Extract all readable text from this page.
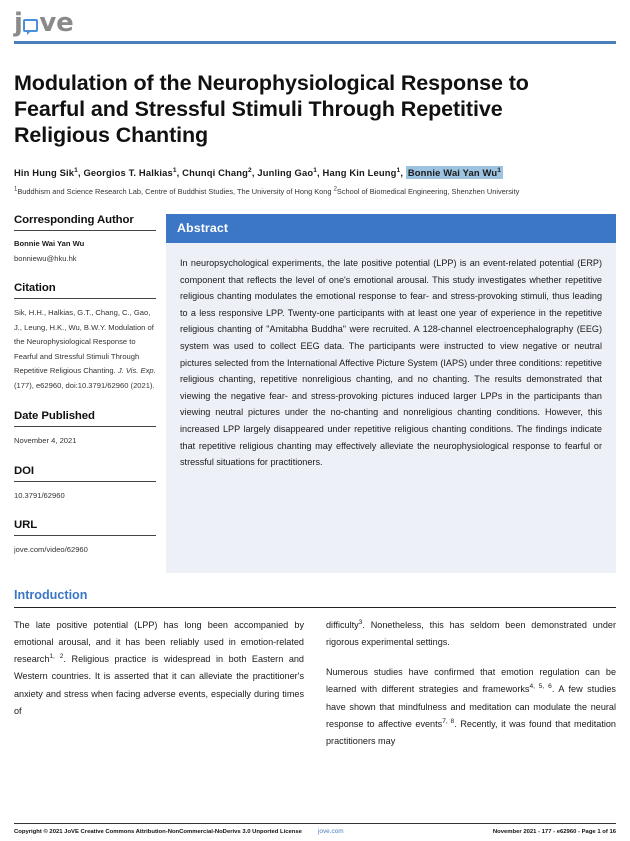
j ve
Modulation of the Neurophysiological Response to Fearful and Stressful Stimuli Through Repetitive Religious Chanting
Hin Hung Sik$^1$, Georgios T. Halkias$^1$, Chunqi Chang$^2$, Junling Gao$^1$, Hang Kin Leung$^1$, Bonnie Wai Yan Wu$^1$
$^1$Buddhism and Science Research Lab, Centre of Buddhist Studies, The University of Hong Kong $^2$School of Biomedical Engineering, Shenzhen University
Corresponding Author
Bonnie Wai Yan Wu
bonniewu@hku.hk
Citation
Sik, H.H., Halkias, G.T., Chang, C., Gao, J., Leung, H.K., Wu, B.W.Y. Modulation of the Neurophysiological Response to Fearful and Stressful Stimuli Through Repetitive Religious Chanting. J. Vis. Exp. (177), e62960, doi:10.3791/62960 (2021).
Date Published
November 4, 2021
DOI
10.3791/62960
URL
jove.com/video/62960
Abstract
In neuropsychological experiments, the late positive potential (LPP) is an event-related potential (ERP) component that reflects the level of one's emotional arousal. This study investigates whether repetitive religious chanting modulates the emotional response to fear- and stress-provoking stimuli, thus leading to a less responsive LPP. Twenty-one participants with at least one year of experience in the repetitive religious chanting of "Amitabha Buddha" were recruited. A 128-channel electroencephalography (EEG) system was used to collect EEG data. The participants were instructed to view negative or neutral pictures selected from the International Affective Picture System (IAPS) under three conditions: repetitive religious chanting, repetitive nonreligious chanting, and no chanting. The results demonstrated that viewing the negative fear- and stress-provoking pictures induced larger LPPs in the participants than viewing neutral pictures under the no-chanting and nonreligious chanting conditions. However, this increased LPP largely disappeared under repetitive religious chanting conditions. The findings indicate that repetitive religious chanting may effectively alleviate the neurophysiological response to fearful or stressful situations for practitioners.
Introduction

The late positive potential (LPP) has long been accompanied by emotional arousal, and it has been reliably used in emotion-related research$^{1, 2}$. Religious practice is widespread in both Eastern and Western countries. It is asserted that it can alleviate the practitioner's anxiety and stress when facing adverse events, especially during times of

difficulty$^3$. Nonetheless, this has seldom been demonstrated under rigorous experimental settings.

Numerous studies have confirmed that emotion regulation can be learned with different strategies and frameworks$^{4, 5, 6}$. A few studies have shown that mindfulness and meditation can modulate the neural response to affective events$^{7, 8}$. Recently, it was found that meditation practitioners may

Copyright © 2021 JoVE Creative Commons Attribution-NonCommercial-NoDerivs 3.0 Unported License	jove.com	November 2021 - 177 - e62960 - Page 1 of 16
